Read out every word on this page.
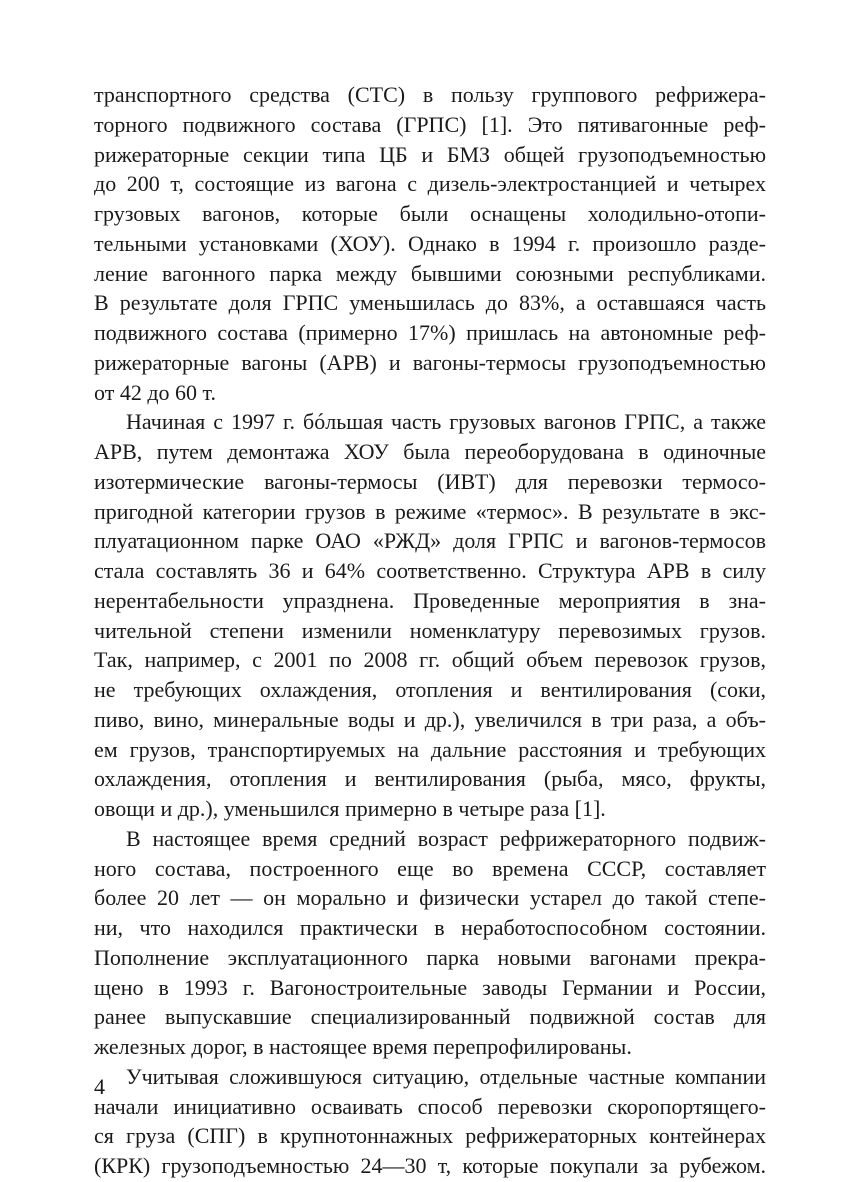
транспортного средства (СТС) в пользу группового рефрижера-
торного подвижного состава (ГРПС) [1]. Это пятивагонные реф-
рижераторные секции типа ЦБ и БМЗ общей грузоподъемностью
до 200 т, состоящие из вагона с дизель-электростанцией и четырех
грузовых вагонов, которые были оснащены холодильно-отопи-
тельными установками (ХОУ). Однако в 1994 г. произошло разде-
ление вагонного парка между бывшими союзными республиками.
В результате доля ГРПС уменьшилась до 83%, а оставшаяся часть
подвижного состава (примерно 17%) пришлась на автономные реф-
рижераторные вагоны (АРВ) и вагоны-термосы грузоподъемностью
от 42 до 60 т.
Начиная с 1997 г. бóльшая часть грузовых вагонов ГРПС, а также
АРВ, путем демонтажа ХОУ была переоборудована в одиночные
изотермические вагоны-термосы (ИВТ) для перевозки термосо-
пригодной категории грузов в режиме «термос». В результате в экс-
плуатационном парке ОАО «РЖД» доля ГРПС и вагонов-термосов
стала составлять 36 и 64% соответственно. Структура АРВ в силу
нерентабельности упразднена. Проведенные мероприятия в зна-
чительной степени изменили номенклатуру перевозимых грузов.
Так, например, с 2001 по 2008 гг. общий объем перевозок грузов,
не требующих охлаждения, отопления и вентилирования (соки,
пиво, вино, минеральные воды и др.), увеличился в три раза, а объ-
ем грузов, транспортируемых на дальние расстояния и требующих
охлаждения, отопления и вентилирования (рыба, мясо, фрукты,
овощи и др.), уменьшился примерно в четыре раза [1].
В настоящее время средний возраст рефрижераторного подвиж-
ного состава, построенного еще во времена СССР, составляет
более 20 лет — он морально и физически устарел до такой степе-
ни, что находился практически в неработоспособном состоянии.
Пополнение эксплуатационного парка новыми вагонами прекра-
щено в 1993 г. Вагоностроительные заводы Германии и России,
ранее выпускавшие специализированный подвижной состав для
железных дорог, в настоящее время перепрофилированы.
Учитывая сложившуюся ситуацию, отдельные частные компании
начали инициативно осваивать способ перевозки скоропортящего-
ся груза (СПГ) в крупнотоннажных рефрижераторных контейнерах
(КРК) грузоподъемностью 24—30 т, которые покупали за рубежом.
4
